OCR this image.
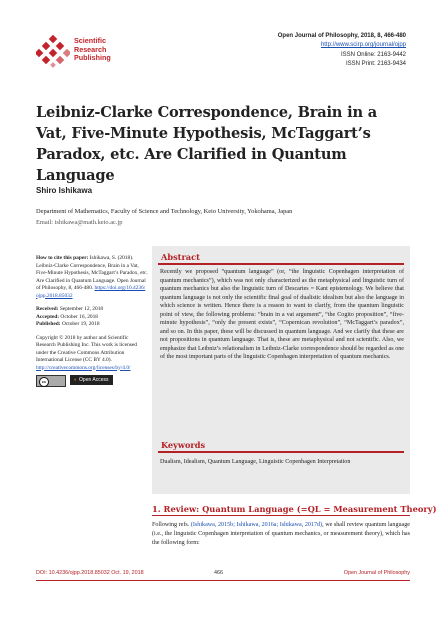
Scientific
Research
Publishing
Open Journal of Philosophy, 2018, 8, 466-480
http://www.scirp.org/journal/ojpp
ISSN Online: 2163-9442
ISSN Print: 2163-9434
Leibniz-Clarke Correspondence, Brain in a Vat, Five-Minute Hypothesis, McTaggart’s Paradox, etc. Are Clarified in Quantum Language
Shiro Ishikawa
Department of Mathematics, Faculty of Science and Technology, Keio University, Yokohama, Japan
Email: ishikawa@math.keio.ac.jp
How to cite this paper: Ishikawa, S. (2018). Leibniz-Clarke Correspondence, Brain in a Vat, Five-Minute Hypothesis, McTaggart’s Paradox, etc. Are Clarified in Quantum Language. Open Journal of Philosophy, 8, 466-480. https://doi.org/10.4236/ojpp.2018.85032
Received: September 12, 2018
Accepted: October 16, 2018
Published: October 19, 2018
Copyright © 2018 by author and Scientific Research Publishing Inc. This work is licensed under the Creative Commons Attribution International License (CC BY 4.0).
http://creativecommons.org/licenses/by/4.0/
cc	◐ Open Access
Abstract
Recently we proposed “quantum language” (or, “the linguistic Copenhagen interpretation of quantum mechanics”), which was not only characterized as the metaphysical and linguistic turn of quantum mechanics but also the linguistic turn of Descartes = Kant epistemology. We believe that quantum language is not only the scientific final goal of dualistic idealism but also the language in which science is written. Hence there is a reason to want to clarify, from the quantum linguistic point of view, the following problems: “brain in a vat argument”, “the Cogito proposition”, “five-minute hypothesis”, “only the present exists”, “Copernican revolution”, “McTaggart’s paradox”, and so on. In this paper, these will be discussed in quantum language. And we clarify that these are not propositions in quantum language. That is, these are metaphysical and not scientific. Also, we emphasize that Leibniz’s relationalism in Leibniz-Clarke correspondence should be regarded as one of the most important parts of the linguistic Copenhagen interpretation of quantum mechanics.
Keywords
Dualism, Idealism, Quantum Language, Linguistic Copenhagen Interpretation
1. Review: Quantum Language (=QL = Measurement Theory)
Following refs. (Ishikawa, 2015b; Ishikawa, 2016a; Ishikawa, 2017d), we shall review quantum language (i.e., the linguistic Copenhagen interpretation of quantum mechanics, or measurement theory), which has the following form:
DOI: 10.4236/ojpp.2018.85032 Oct. 19, 2018	466	Open Journal of Philosophy
